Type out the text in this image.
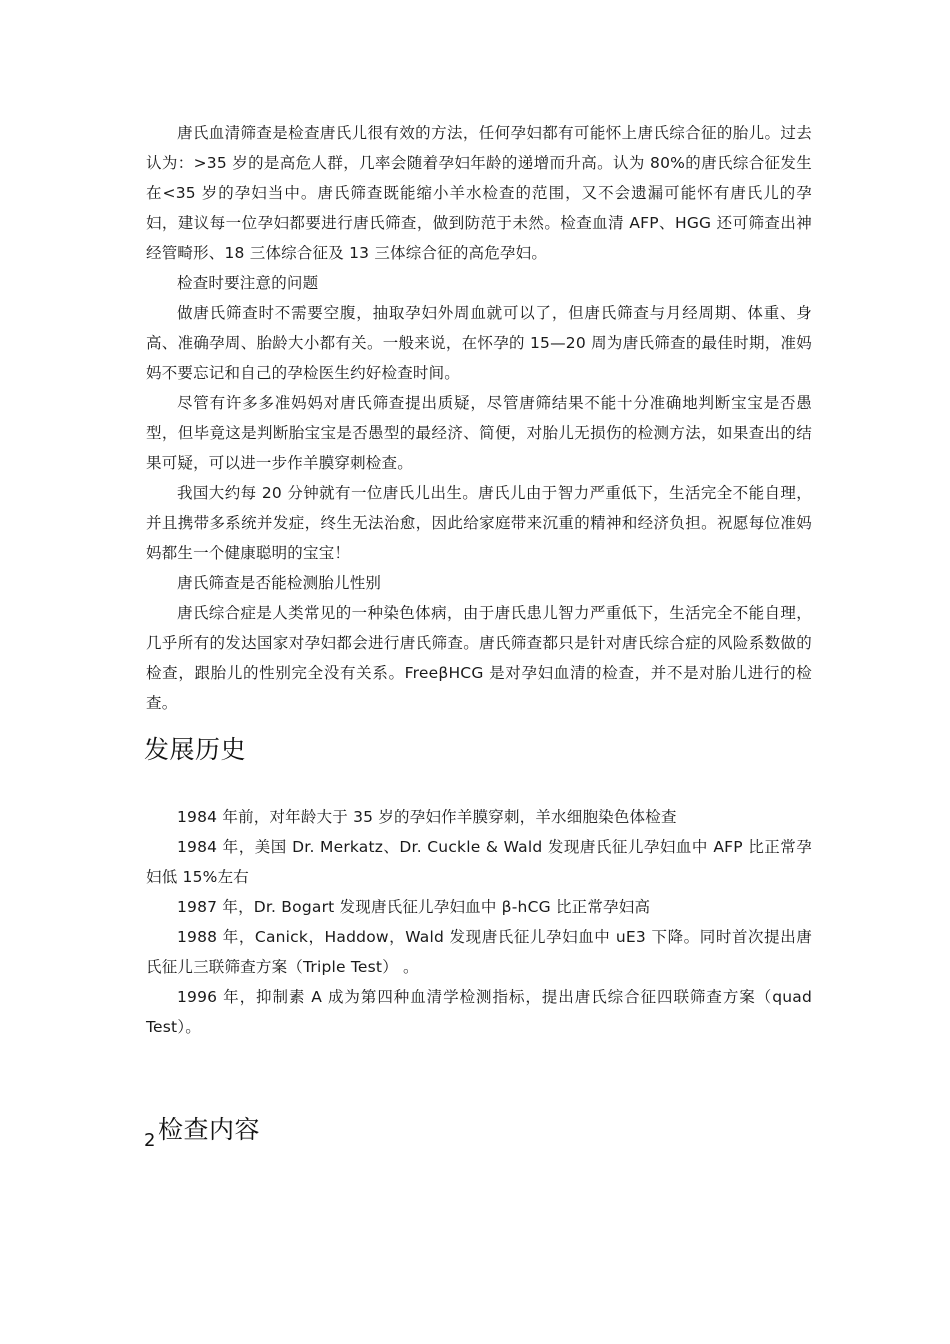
唐氏血清筛查是检查唐氏儿很有效的方法，任何孕妇都有可能怀上唐氏综合征的胎儿。过去认为：>35 岁的是高危人群，几率会随着孕妇年龄的递增而升高。认为 80%的唐氏综合征发生在<35 岁的孕妇当中。唐氏筛查既能缩小羊水检查的范围，又不会遗漏可能怀有唐氏儿的孕妇，建议每一位孕妇都要进行唐氏筛查，做到防范于未然。检查血清 AFP、HGG 还可筛查出神经管畸形、18 三体综合征及 13 三体综合征的高危孕妇。

检查时要注意的问题

做唐氏筛查时不需要空腹，抽取孕妇外周血就可以了，但唐氏筛查与月经周期、体重、身高、准确孕周、胎龄大小都有关。一般来说，在怀孕的 15—20 周为唐氏筛查的最佳时期，准妈妈不要忘记和自己的孕检医生约好检查时间。

尽管有许多多准妈妈对唐氏筛查提出质疑，尽管唐筛结果不能十分准确地判断宝宝是否愚型，但毕竟这是判断胎宝宝是否愚型的最经济、简便，对胎儿无损伤的检测方法，如果查出的结果可疑，可以进一步作羊膜穿刺检查。

我国大约每 20 分钟就有一位唐氏儿出生。唐氏儿由于智力严重低下，生活完全不能自理，并且携带多系统并发症，终生无法治愈，因此给家庭带来沉重的精神和经济负担。祝愿每位准妈妈都生一个健康聪明的宝宝！

唐氏筛查是否能检测胎儿性别

唐氏综合症是人类常见的一种染色体病，由于唐氏患儿智力严重低下，生活完全不能自理，几乎所有的发达国家对孕妇都会进行唐氏筛查。唐氏筛查都只是针对唐氏综合症的风险系数做的检查，跟胎儿的性别完全没有关系。FreeβHCG 是对孕妇血清的检查，并不是对胎儿进行的检查。

发展历史

1984 年前，对年龄大于 35 岁的孕妇作羊膜穿刺，羊水细胞染色体检查

1984 年，美国 Dr. Merkatz、Dr. Cuckle & Wald 发现唐氏征儿孕妇血中 AFP 比正常孕妇低 15%左右

1987 年，Dr. Bogart 发现唐氏征儿孕妇血中 β-hCG 比正常孕妇高

1988 年，Canick，Haddow，Wald 发现唐氏征儿孕妇血中 uE3 下降。同时首次提出唐氏征儿三联筛查方案（Triple Test） 。

1996 年，抑制素 A 成为第四种血清学检测指标，提出唐氏综合征四联筛查方案（quad Test）。

$_2$检查内容
